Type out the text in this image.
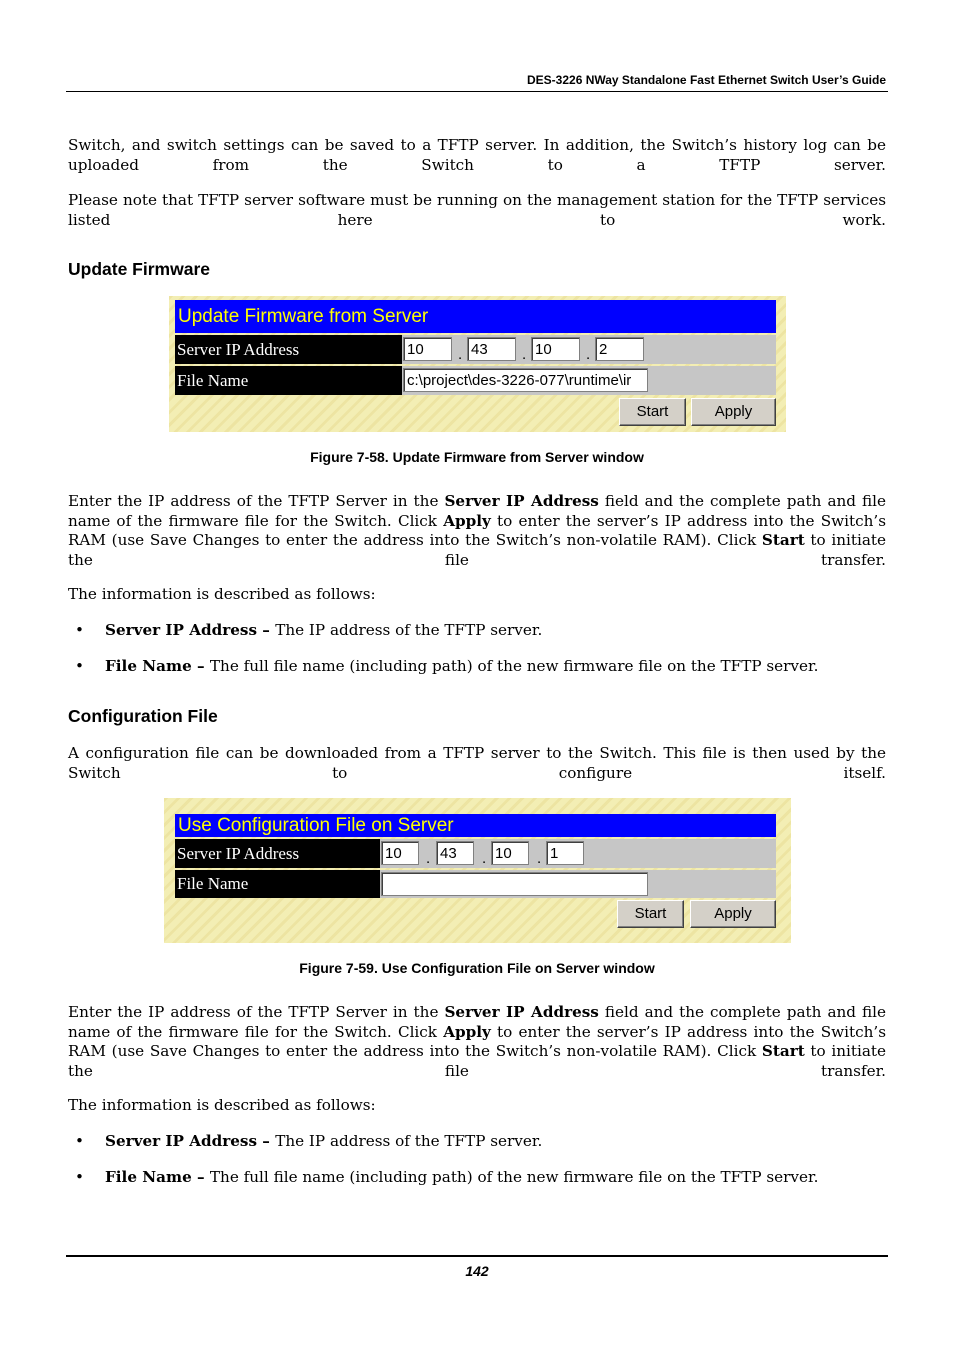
DES-3226 NWay Standalone Fast Ethernet Switch User’s Guide
Switch, and switch settings can be saved to a TFTP server. In addition, the Switch’s history log can be uploaded from the Switch to a TFTP server.
Please note that TFTP server software must be running on the management station for the TFTP services listed here to work.
Update Firmware
Update Firmware from Server
Server IP Address	10	. 43	. 10	. 2
File Name	c:\project\des-3226-077\runtime\ir
Start	Apply
Figure 7-58. Update Firmware from Server window
Enter the IP address of the TFTP Server in the Server IP Address field and the complete path and file name of the firmware file for the Switch. Click Apply to enter the server’s IP address into the Switch’s RAM (use Save Changes to enter the address into the Switch’s non-volatile RAM). Click Start to initiate the file transfer.
The information is described as follows:
• Server IP Address – The IP address of the TFTP server.
• File Name – The full file name (including path) of the new firmware file on the TFTP server.
Configuration File
A configuration file can be downloaded from a TFTP server to the Switch. This file is then used by the Switch to configure itself.
Use Configuration File on Server
Server IP Address	10	. 43	. 10	. 1
File Name
Start	Apply
Figure 7-59. Use Configuration File on Server window
Enter the IP address of the TFTP Server in the Server IP Address field and the complete path and file name of the firmware file for the Switch. Click Apply to enter the server’s IP address into the Switch’s RAM (use Save Changes to enter the address into the Switch’s non-volatile RAM). Click Start to initiate the file transfer.
The information is described as follows:
• Server IP Address – The IP address of the TFTP server.
• File Name – The full file name (including path) of the new firmware file on the TFTP server.
142
